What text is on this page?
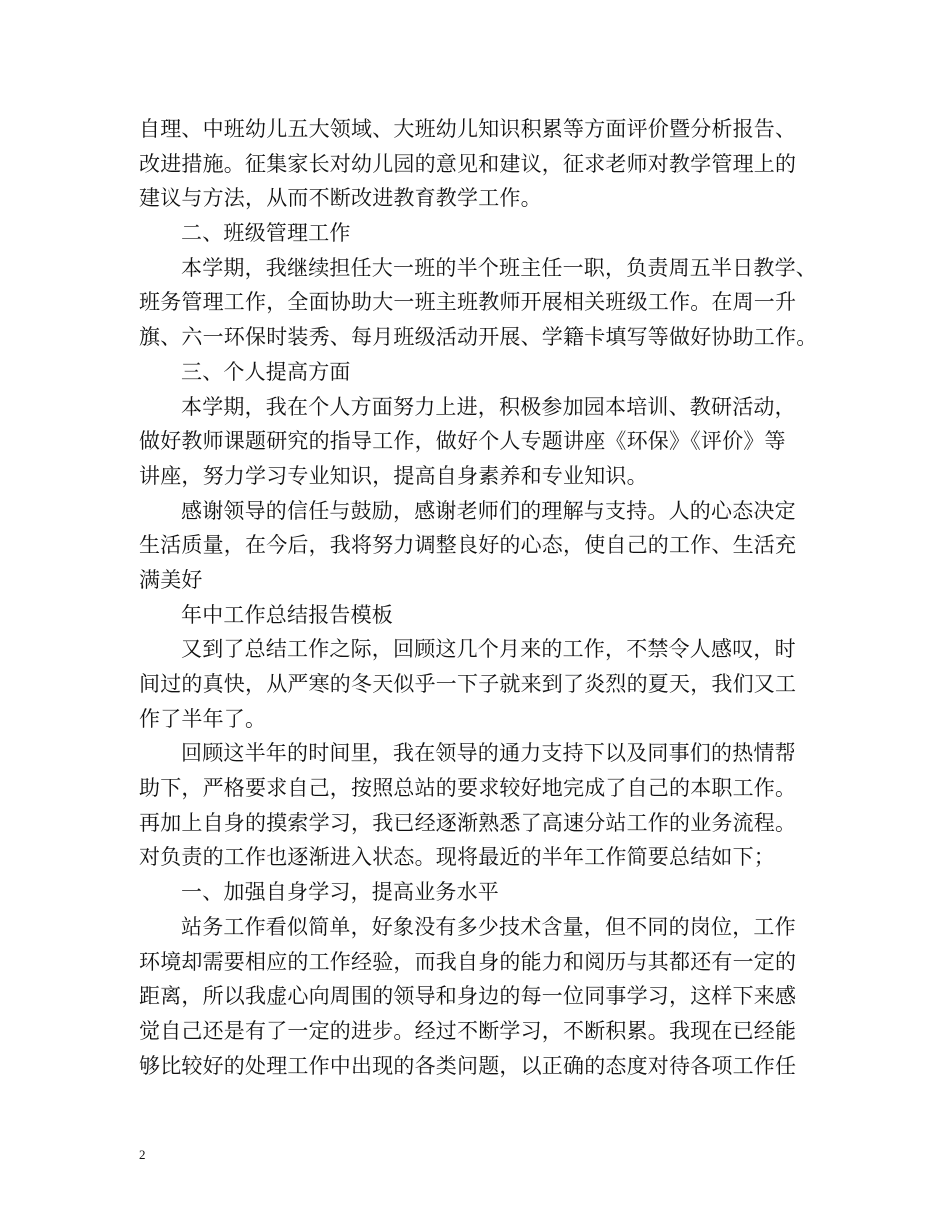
自理、中班幼儿五大领域、大班幼儿知识积累等方面评价暨分析报告、
改进措施。征集家长对幼儿园的意见和建议，征求老师对教学管理上的
建议与方法，从而不断改进教育教学工作。
二、班级管理工作
本学期，我继续担任大一班的半个班主任一职，负责周五半日教学、
班务管理工作，全面协助大一班主班教师开展相关班级工作。在周一升
旗、六一环保时装秀、每月班级活动开展、学籍卡填写等做好协助工作。
三、个人提高方面
本学期，我在个人方面努力上进，积极参加园本培训、教研活动，
做好教师课题研究的指导工作，做好个人专题讲座《环保》《评价》等
讲座，努力学习专业知识，提高自身素养和专业知识。
感谢领导的信任与鼓励，感谢老师们的理解与支持。人的心态决定
生活质量，在今后，我将努力调整良好的心态，使自己的工作、生活充
满美好
年中工作总结报告模板
又到了总结工作之际，回顾这几个月来的工作，不禁令人感叹，时
间过的真快，从严寒的冬天似乎一下子就来到了炎烈的夏天，我们又工
作了半年了。
回顾这半年的时间里，我在领导的通力支持下以及同事们的热情帮
助下，严格要求自己，按照总站的要求较好地完成了自己的本职工作。
再加上自身的摸索学习，我已经逐渐熟悉了高速分站工作的业务流程。
对负责的工作也逐渐进入状态。现将最近的半年工作简要总结如下；
一、加强自身学习，提高业务水平
站务工作看似简单，好象没有多少技术含量，但不同的岗位，工作
环境却需要相应的工作经验，而我自身的能力和阅历与其都还有一定的
距离，所以我虚心向周围的领导和身边的每一位同事学习，这样下来感
觉自己还是有了一定的进步。经过不断学习，不断积累。我现在已经能
够比较好的处理工作中出现的各类问题，以正确的态度对待各项工作任
2
